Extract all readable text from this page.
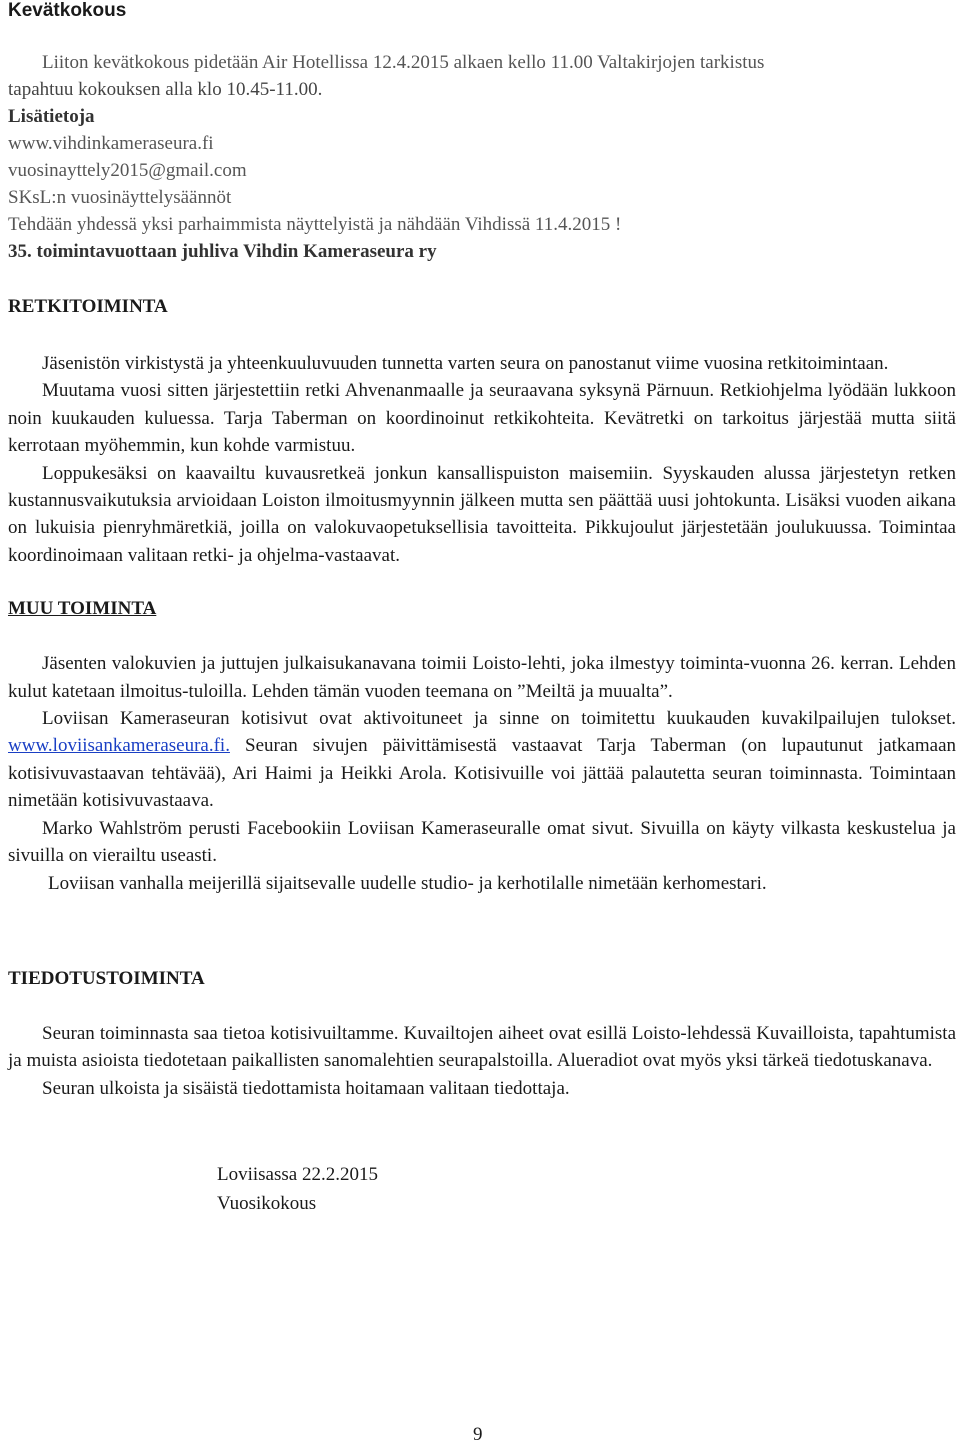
Kevätkokous

Liiton kevätkokous pidetään Air Hotellissa 12.4.2015 alkaen kello 11.00 Valtakirjojen tarkistus

tapahtuu kokouksen alla klo 10.45-11.00.

Lisätietoja

www.vihdinkameraseura.fi

vuosinayttely2015@gmail.com

SKsL:n vuosinäyttelysäännöt

Tehdään yhdessä yksi parhaimmista näyttelyistä ja nähdään Vihdissä 11.4.2015 !

35. toimintavuottaan juhliva Vihdin Kameraseura ry

RETKITOIMINTA

Jäsenistön virkistystä ja yhteenkuuluvuuden tunnetta varten seura on panostanut viime vuosina retkitoimintaan.

Muutama vuosi sitten järjestettiin retki Ahvenanmaalle ja seuraavana syksynä Pärnuun. Retkiohjelma lyödään lukkoon noin kuukauden kuluessa. Tarja Taberman on koordinoinut retkikohteita. Kevätretki on tarkoitus järjestää mutta siitä kerrotaan myöhemmin, kun kohde varmistuu.

Loppukesäksi on kaavailtu kuvausretkeä jonkun kansallispuiston maisemiin. Syyskauden alussa järjestetyn retken kustannusvaikutuksia arvioidaan Loiston ilmoitusmyynnin jälkeen mutta sen päättää uusi johtokunta. Lisäksi vuoden aikana on lukuisia pienryhmäretkiä, joilla on valokuvaopetuksellisia tavoitteita. Pikkujoulut järjestetään joulukuussa. Toimintaa koordinoimaan valitaan retki- ja ohjelma-vastaavat.

MUU TOIMINTA

Jäsenten valokuvien ja juttujen julkaisukanavana toimii Loisto-lehti, joka ilmestyy toiminta-vuonna 26. kerran. Lehden kulut katetaan ilmoitus-tuloilla. Lehden tämän vuoden teemana on ”Meiltä ja muualta”.

Loviisan Kameraseuran kotisivut ovat aktivoituneet ja sinne on toimitettu kuukauden kuvakilpailujen tulokset. www.loviisankameraseura.fi. Seuran sivujen päivittämisestä vastaavat Tarja Taberman (on lupautunut jatkamaan kotisivuvastaavan tehtävää), Ari Haimi ja Heikki Arola. Kotisivuille voi jättää palautetta seuran toiminnasta. Toimintaan nimetään kotisivuvastaava.

Marko Wahlström perusti Facebookiin Loviisan Kameraseuralle omat sivut. Sivuilla on käyty vilkasta keskustelua ja sivuilla on vierailtu useasti.

Loviisan vanhalla meijerillä sijaitsevalle uudelle studio- ja kerhotilalle nimetään kerhomestari.

TIEDOTUSTOIMINTA

Seuran toiminnasta saa tietoa kotisivuiltamme. Kuvailtojen aiheet ovat esillä Loisto-lehdessä Kuvailloista, tapahtumista ja muista asioista tiedotetaan paikallisten sanomalehtien seurapalstoilla. Alueradiot ovat myös yksi tärkeä tiedotuskanava.

Seuran ulkoista ja sisäistä tiedottamista hoitamaan valitaan tiedottaja.

Loviisassa 22.2.2015

Vuosikokous

9
